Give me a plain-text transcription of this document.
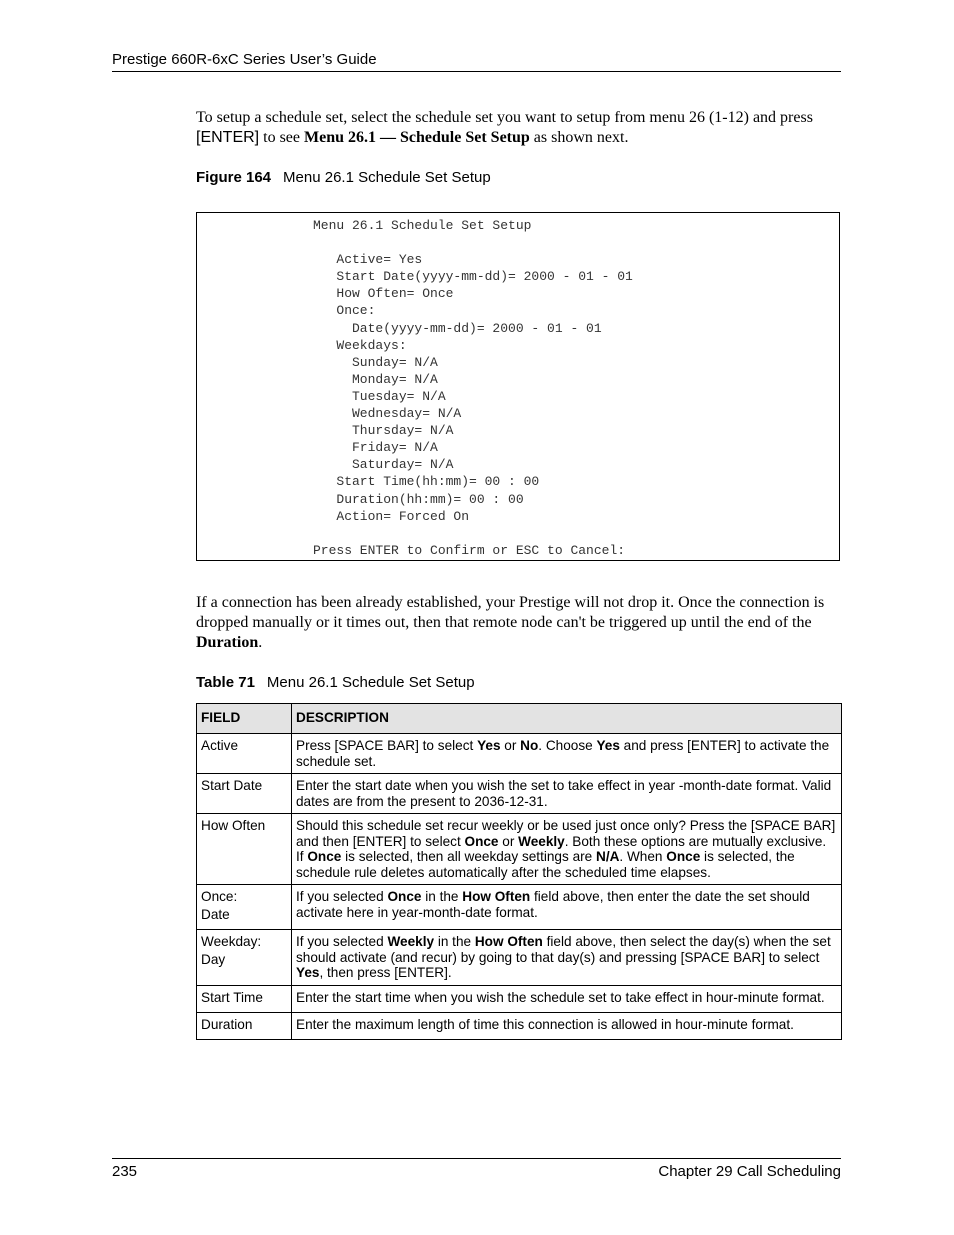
Prestige 660R-6xC Series User’s Guide
To setup a schedule set, select the schedule set you want to setup from menu 26 (1-12) and press [ENTER] to see Menu 26.1 — Schedule Set Setup as shown next.
Figure 164 Menu 26.1 Schedule Set Setup
Menu 26.1 Schedule Set Setup

Active= Yes
Start Date(yyyy-mm-dd)= 2000 - 01 - 01
How Often= Once
Once:
Date(yyyy-mm-dd)= 2000 - 01 - 01
Weekdays:
Sunday= N/A
Monday= N/A
Tuesday= N/A
Wednesday= N/A
Thursday= N/A
Friday= N/A
Saturday= N/A
Start Time(hh:mm)= 00 : 00
Duration(hh:mm)= 00 : 00
Action= Forced On

Press ENTER to Confirm or ESC to Cancel:
If a connection has been already established, your Prestige will not drop it. Once the connection is dropped manually or it times out, then that remote node can't be triggered up until the end of the Duration.
Table 71 Menu 26.1 Schedule Set Setup
FIELD	DESCRIPTION

Active	Press [SPACE BAR] to select Yes or No. Choose Yes and press [ENTER] to activate the schedule set.

Start Date	Enter the start date when you wish the set to take effect in year -month-date format. Valid dates are from the present to 2036-12-31.

How Often	Should this schedule set recur weekly or be used just once only? Press the [SPACE BAR] and then [ENTER] to select Once or Weekly. Both these options are mutually exclusive.  If Once is selected, then all weekday settings are N/A. When Once is selected, the schedule rule deletes automatically after the scheduled time elapses.

Once:
Date	If you selected Once in the How Often field above, then enter the date the set should activate here in year-month-date format.

Weekday:
Day	If you selected Weekly in the How Often field above, then select the day(s) when the set should activate (and recur) by going to that day(s) and pressing [SPACE BAR] to select Yes, then press [ENTER].

Start Time	Enter the start time when you wish the schedule set to take effect in hour-minute format.

Duration	Enter the maximum length of time this connection is allowed in hour-minute format.
235	Chapter 29 Call Scheduling
